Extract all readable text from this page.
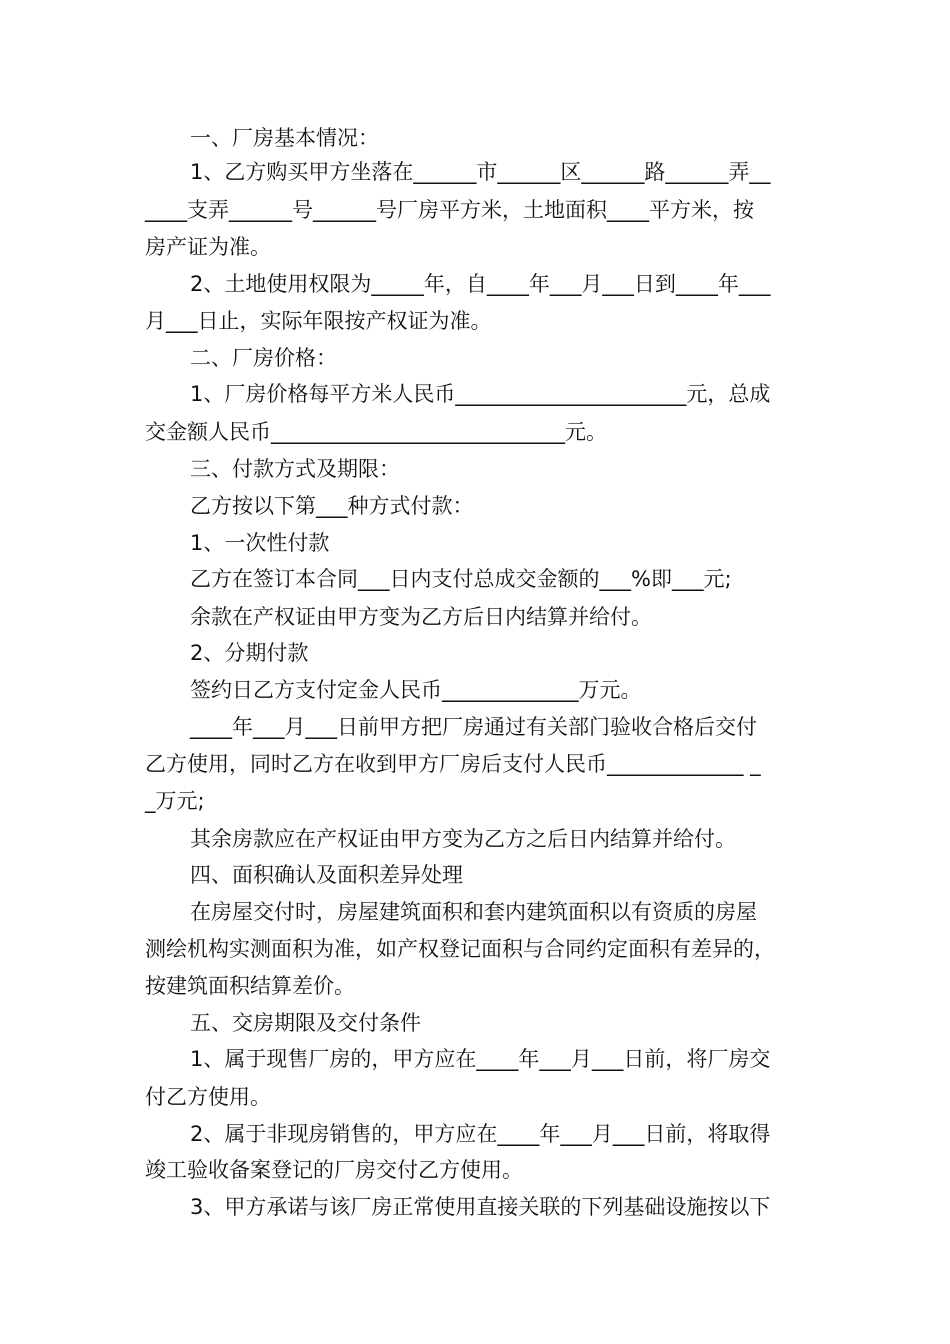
一、厂房基本情况：
1、乙方购买甲方坐落在______市______区______路______弄__
____支弄______号______号厂房平方米，土地面积____平方米，按
房产证为准。
2、土地使用权限为_____年，自____年___月___日到____年___
月___日止，实际年限按产权证为准。
二、厂房价格：
1、厂房价格每平方米人民币______________________元，总成
交金额人民币____________________________元。
三、付款方式及期限：
乙方按以下第___种方式付款：
1、一次性付款
乙方在签订本合同___日内支付总成交金额的___%即___元;
余款在产权证由甲方变为乙方后日内结算并给付。
2、分期付款
签约日乙方支付定金人民币_____________万元。
____年___月___日前甲方把厂房通过有关部门验收合格后交付
乙方使用，同时乙方在收到甲方厂房后支付人民币_____________ _
_万元;
其余房款应在产权证由甲方变为乙方之后日内结算并给付。
四、面积确认及面积差异处理
在房屋交付时，房屋建筑面积和套内建筑面积以有资质的房屋
测绘机构实测面积为准，如产权登记面积与合同约定面积有差异的，
按建筑面积结算差价。
五、交房期限及交付条件
1、属于现售厂房的，甲方应在____年___月___日前，将厂房交
付乙方使用。
2、属于非现房销售的，甲方应在____年___月___日前，将取得
竣工验收备案登记的厂房交付乙方使用。
3、甲方承诺与该厂房正常使用直接关联的下列基础设施按以下
